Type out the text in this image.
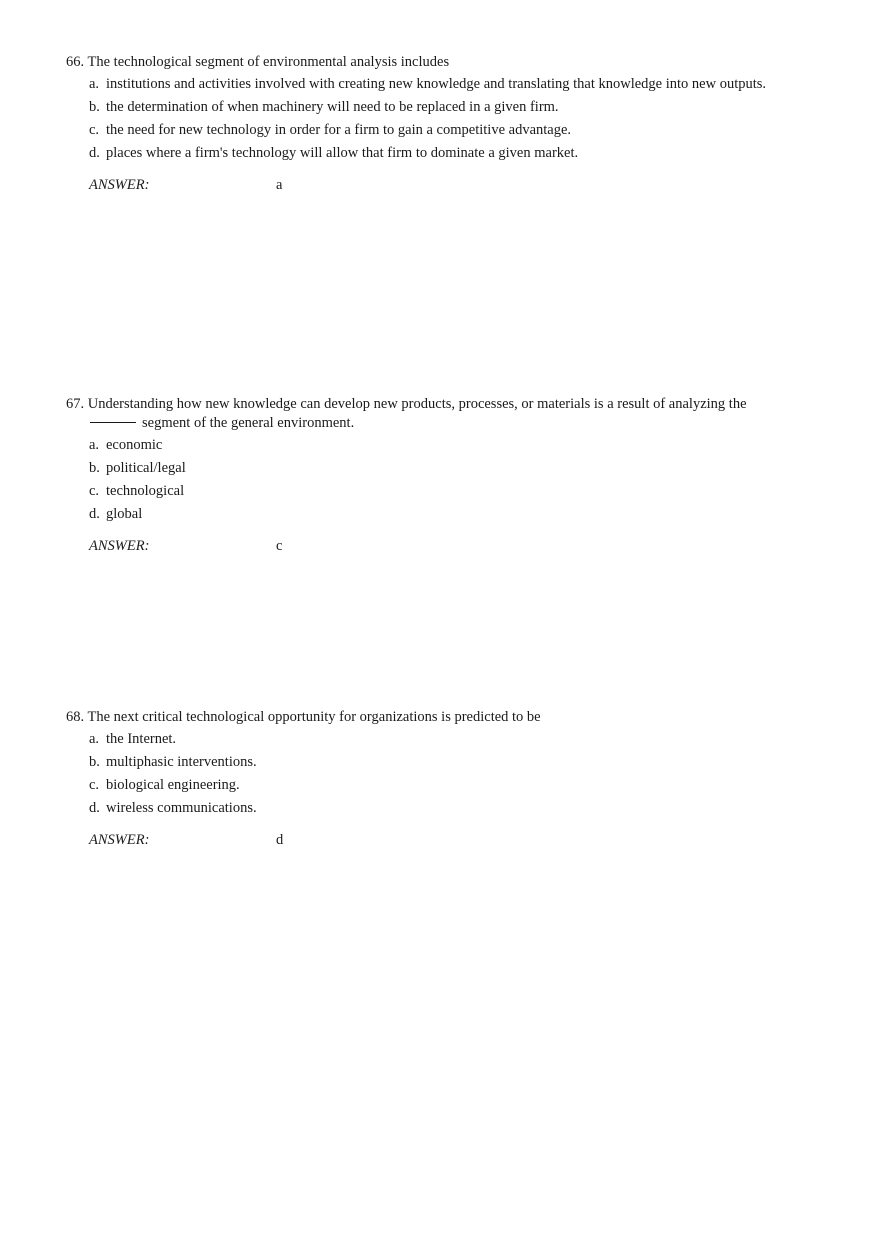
66. The technological segment of environmental analysis includes

a. institutions and activities involved with creating new knowledge and translating that knowledge into new outputs.
b. the determination of when machinery will need to be replaced in a given firm.
c. the need for new technology in order for a firm to gain a competitive advantage.
d. places where a firm's technology will allow that firm to dominate a given market.
ANSWER:	a

67. Understanding how new knowledge can develop new products, processes, or materials is a result of analyzing the
segment of the general environment.

a. economic
b. political/legal
c. technological
d. global
ANSWER:	c

68. The next critical technological opportunity for organizations is predicted to be

a. the Internet.
b. multiphasic interventions.
c. biological engineering.
d. wireless communications.
ANSWER:	d
